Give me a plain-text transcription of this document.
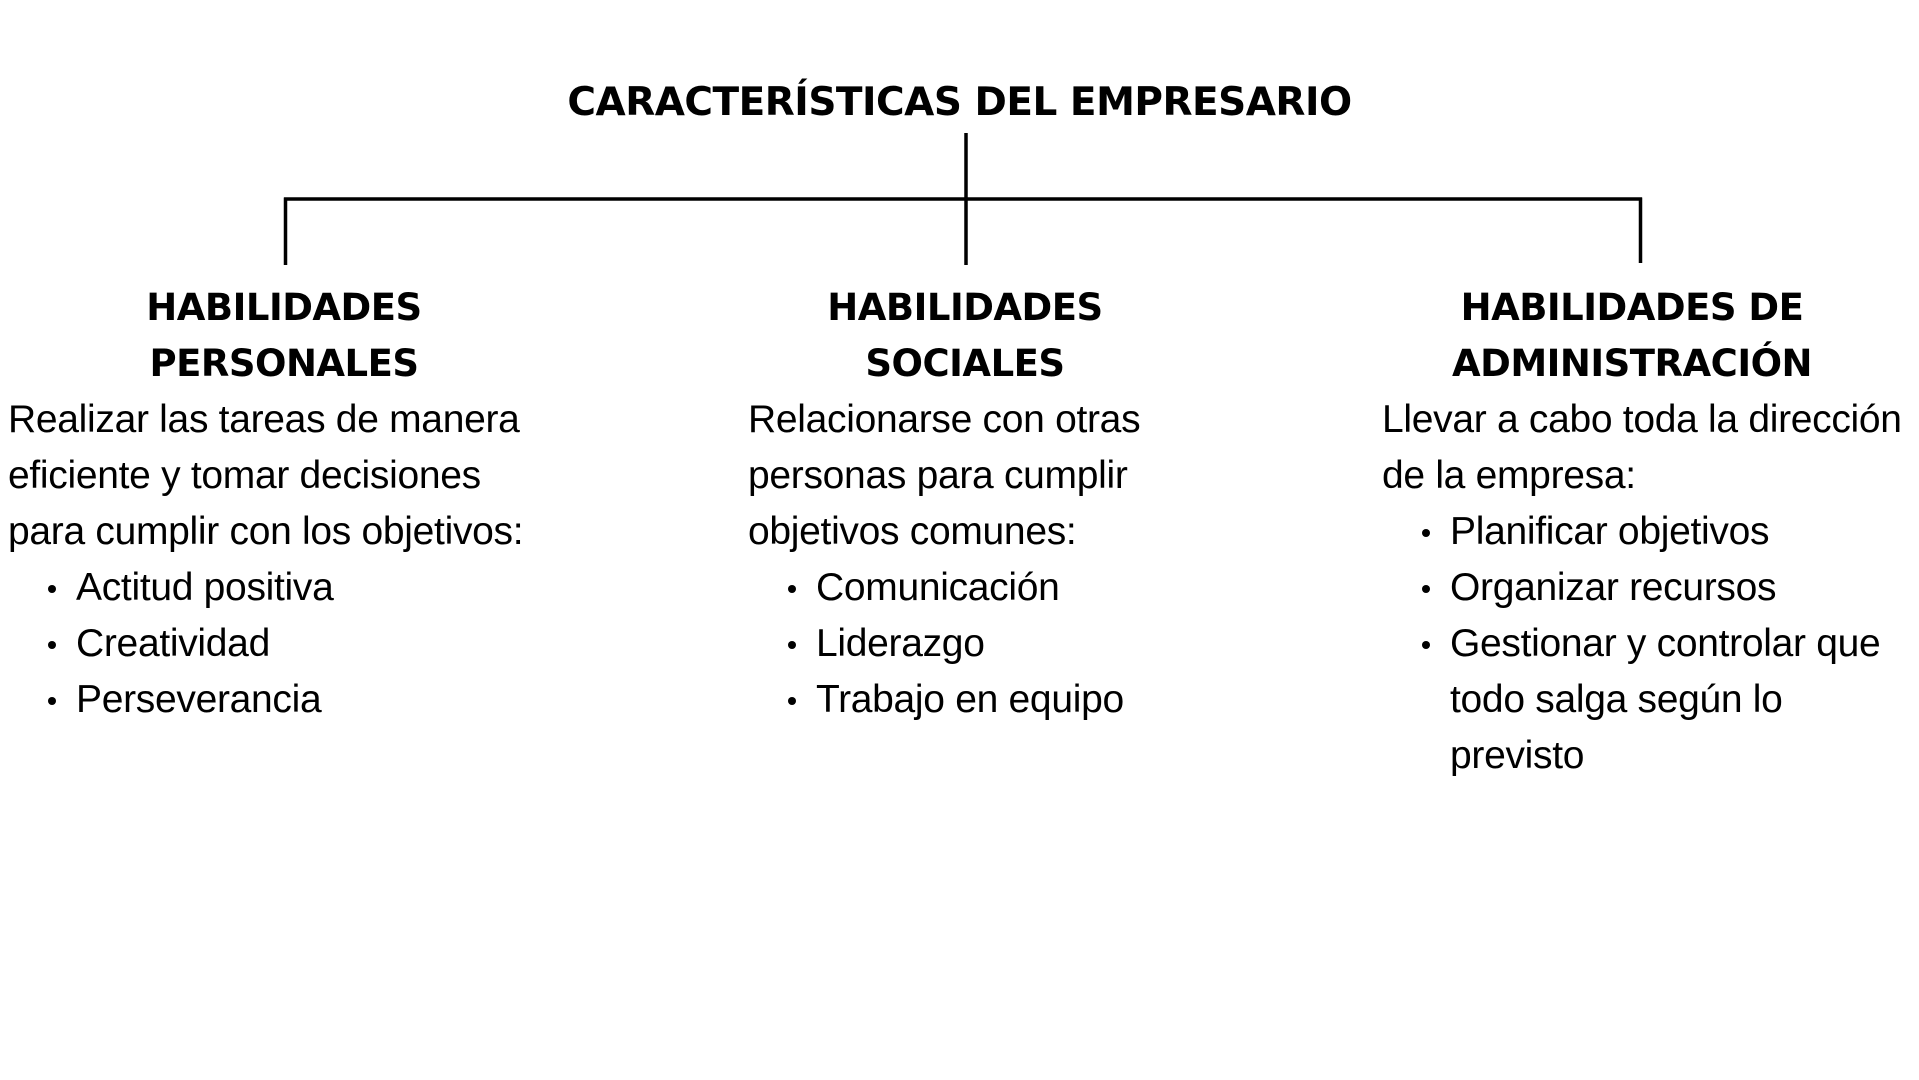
CARACTERÍSTICAS DEL EMPRESARIO
HABILIDADES
PERSONALES

Realizar las tareas de manera eficiente y tomar decisiones para cumplir con los objetivos:

Actitud positiva
Creatividad
Perseverancia
HABILIDADES
SOCIALES

Relacionarse con otras personas para cumplir objetivos comunes:

Comunicación
Liderazgo
Trabajo en equipo
HABILIDADES DE
ADMINISTRACIÓN

Llevar a cabo toda la dirección de la empresa:

Planificar objetivos
Organizar recursos
Gestionar y controlar que todo salga según lo previsto
